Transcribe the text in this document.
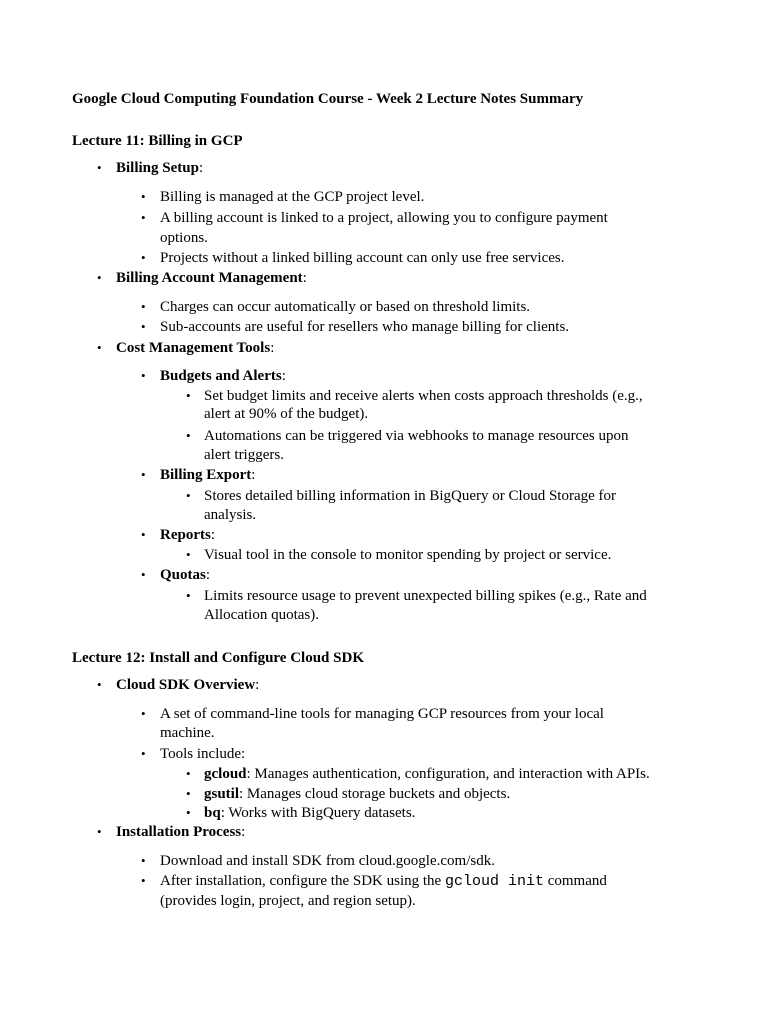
Google Cloud Computing Foundation Course - Week 2 Lecture Notes Summary
Lecture 11: Billing in GCP
• Billing Setup:
• Billing is managed at the GCP project level.
• A billing account is linked to a project, allowing you to configure payment
options.
• Projects without a linked billing account can only use free services.
• Billing Account Management:
• Charges can occur automatically or based on threshold limits.
• Sub-accounts are useful for resellers who manage billing for clients.
• Cost Management Tools:
• Budgets and Alerts:
• Set budget limits and receive alerts when costs approach thresholds (e.g.,
alert at 90% of the budget).
• Automations can be triggered via webhooks to manage resources upon
alert triggers.
• Billing Export:
• Stores detailed billing information in BigQuery or Cloud Storage for
analysis.
• Reports:
• Visual tool in the console to monitor spending by project or service.
• Quotas:
• Limits resource usage to prevent unexpected billing spikes (e.g., Rate and
Allocation quotas).
Lecture 12: Install and Configure Cloud SDK
• Cloud SDK Overview:
• A set of command-line tools for managing GCP resources from your local
machine.
• Tools include:
• gcloud: Manages authentication, configuration, and interaction with APIs.
• gsutil: Manages cloud storage buckets and objects.
• bq: Works with BigQuery datasets.
• Installation Process:
• Download and install SDK from cloud.google.com/sdk.
• After installation, configure the SDK using the gcloud init command
(provides login, project, and region setup).
